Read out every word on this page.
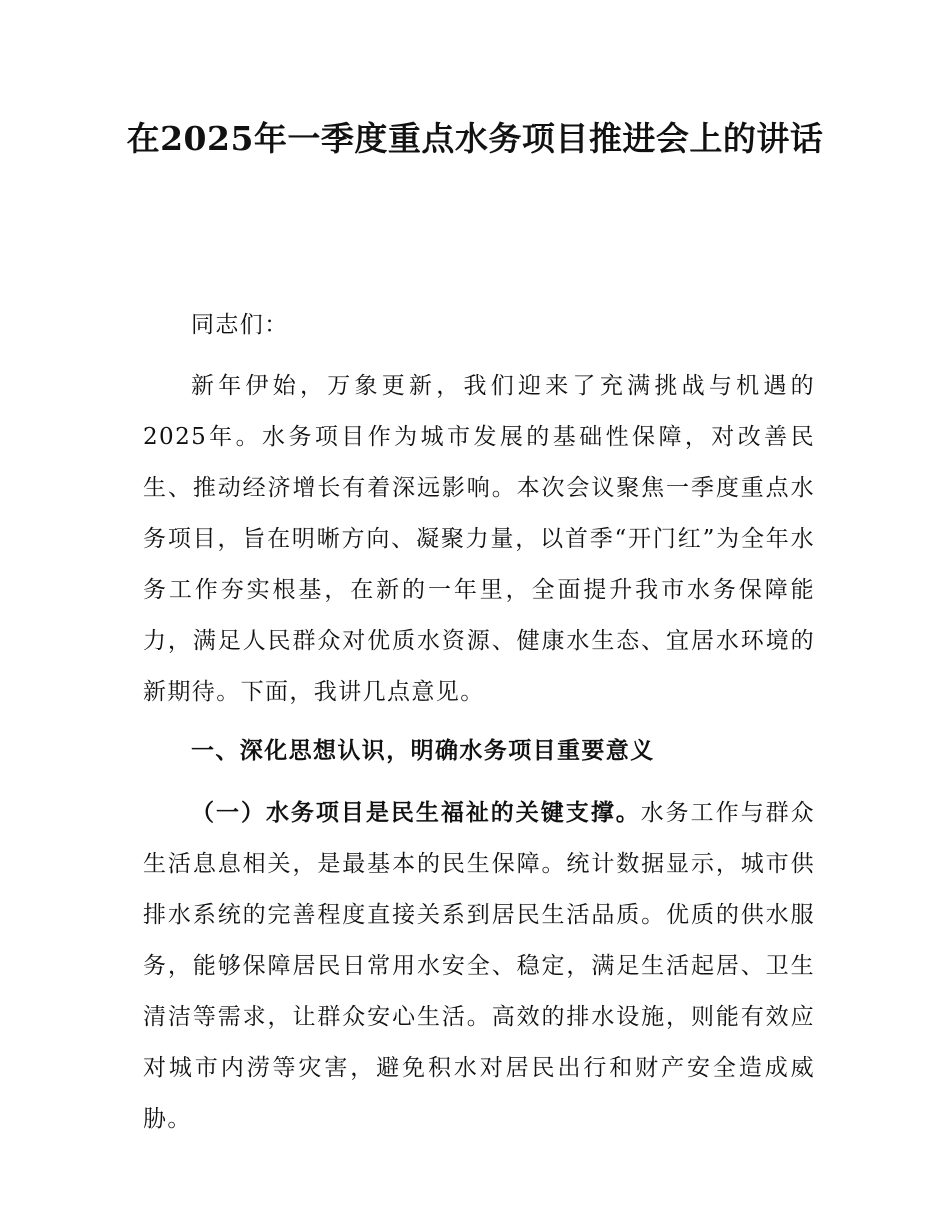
在2025年一季度重点水务项目推进会上的讲话

同志们：

新年伊始，万象更新，我们迎来了充满挑战与机遇的2025年。水务项目作为城市发展的基础性保障，对改善民生、推动经济增长有着深远影响。本次会议聚焦一季度重点水务项目，旨在明晰方向、凝聚力量，以首季“开门红”为全年水务工作夯实根基，在新的一年里，全面提升我市水务保障能力，满足人民群众对优质水资源、健康水生态、宜居水环境的新期待。下面，我讲几点意见。

一、深化思想认识，明确水务项目重要意义

（一）水务项目是民生福祉的关键支撑。水务工作与群众生活息息相关，是最基本的民生保障。统计数据显示，城市供排水系统的完善程度直接关系到居民生活品质。优质的供水服务，能够保障居民日常用水安全、稳定，满足生活起居、卫生清洁等需求，让群众安心生活。高效的排水设施，则能有效应对城市内涝等灾害，避免积水对居民出行和财产安全造成威胁。
